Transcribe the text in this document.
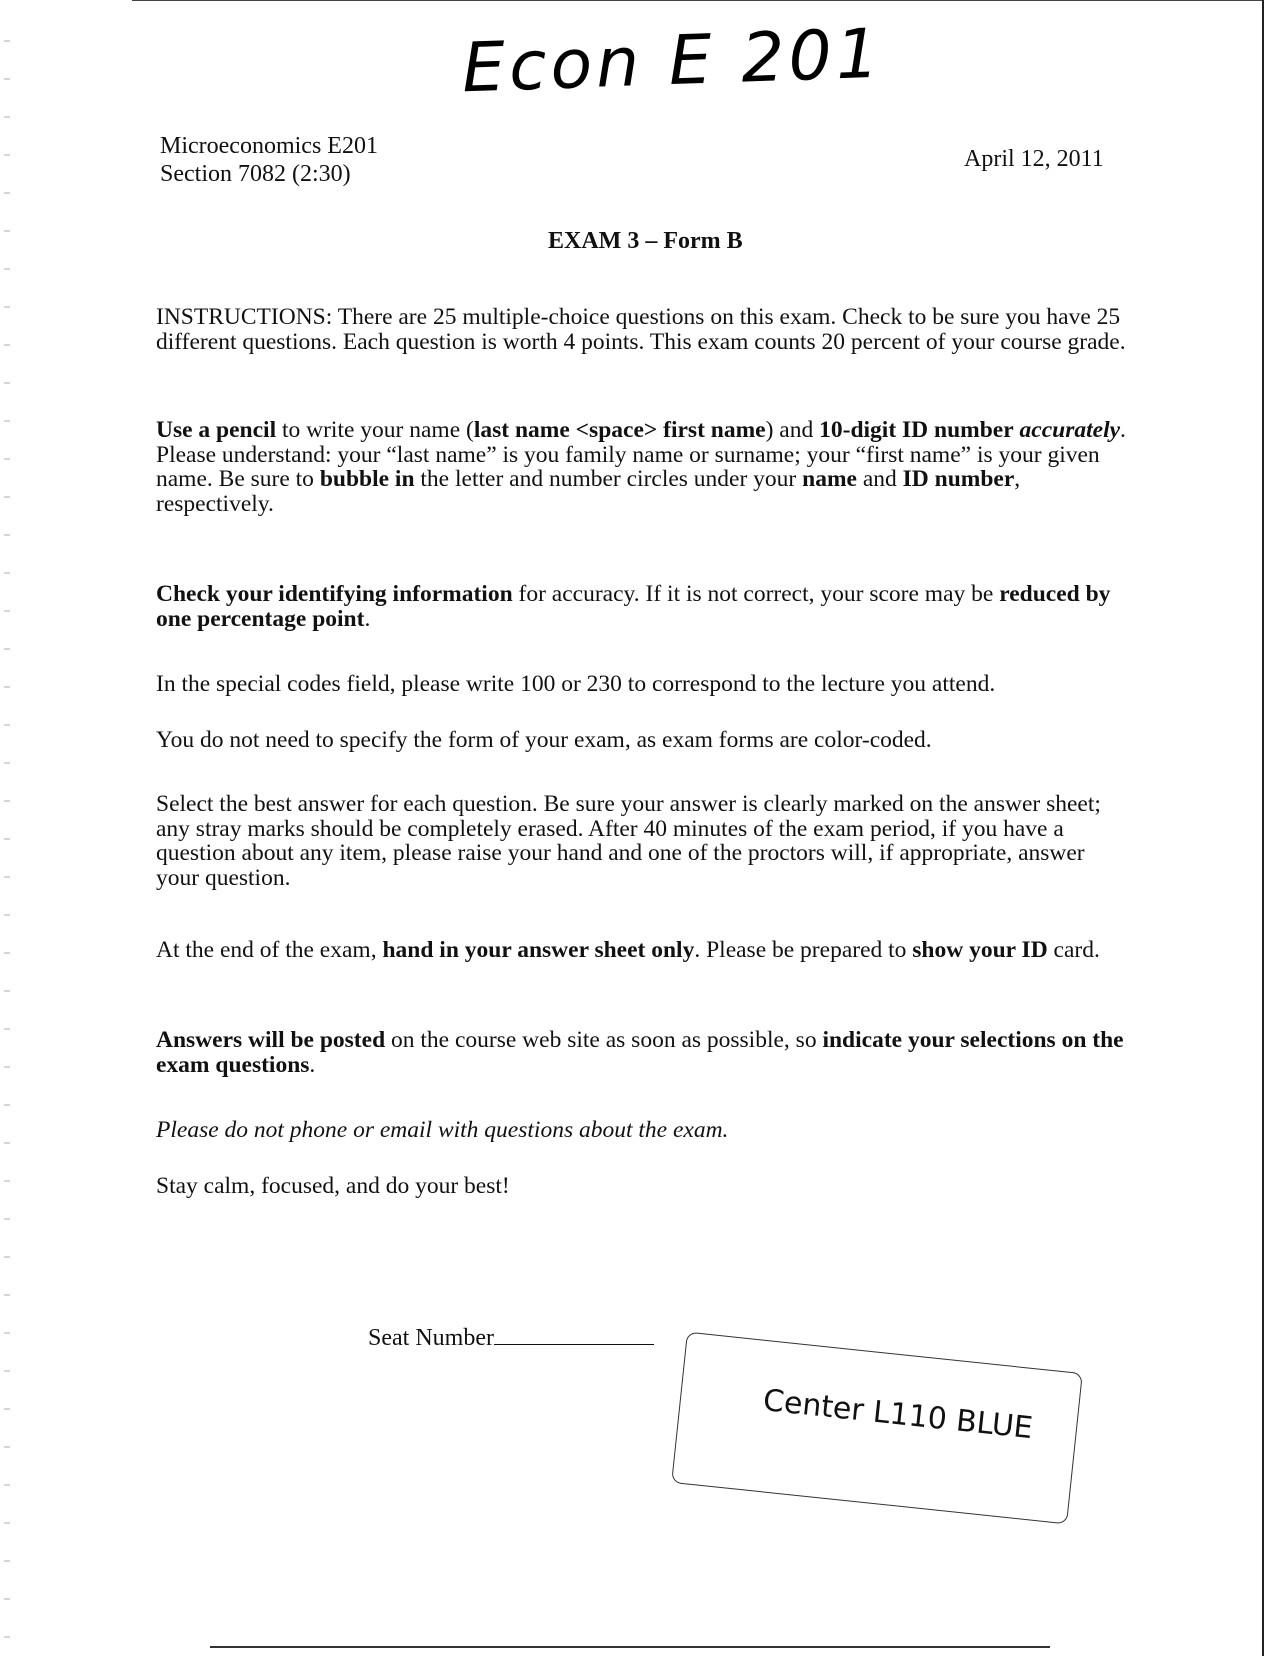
Econ E 201
Microeconomics E201
Section 7082 (2:30)
April 12, 2011
EXAM 3 – Form B
INSTRUCTIONS: There are 25 multiple-choice questions on this exam. Check to be sure you have 25 different questions. Each question is worth 4 points. This exam counts 20 percent of your course grade.
Use a pencil to write your name (last name <space> first name) and 10-digit ID number accurately. Please understand: your “last name” is you family name or surname; your “first name” is your given name. Be sure to bubble in the letter and number circles under your name and ID number, respectively.
Check your identifying information for accuracy. If it is not correct, your score may be reduced by one percentage point.
In the special codes field, please write 100 or 230 to correspond to the lecture you attend.
You do not need to specify the form of your exam, as exam forms are color-coded.
Select the best answer for each question. Be sure your answer is clearly marked on the answer sheet; any stray marks should be completely erased. After 40 minutes of the exam period, if you have a question about any item, please raise your hand and one of the proctors will, if appropriate, answer your question.
At the end of the exam, hand in your answer sheet only. Please be prepared to show your ID card.
Answers will be posted on the course web site as soon as possible, so indicate your selections on the exam questions.
Please do not phone or email with questions about the exam.
Stay calm, focused, and do your best!
Seat Number
Center L110 BLUE
